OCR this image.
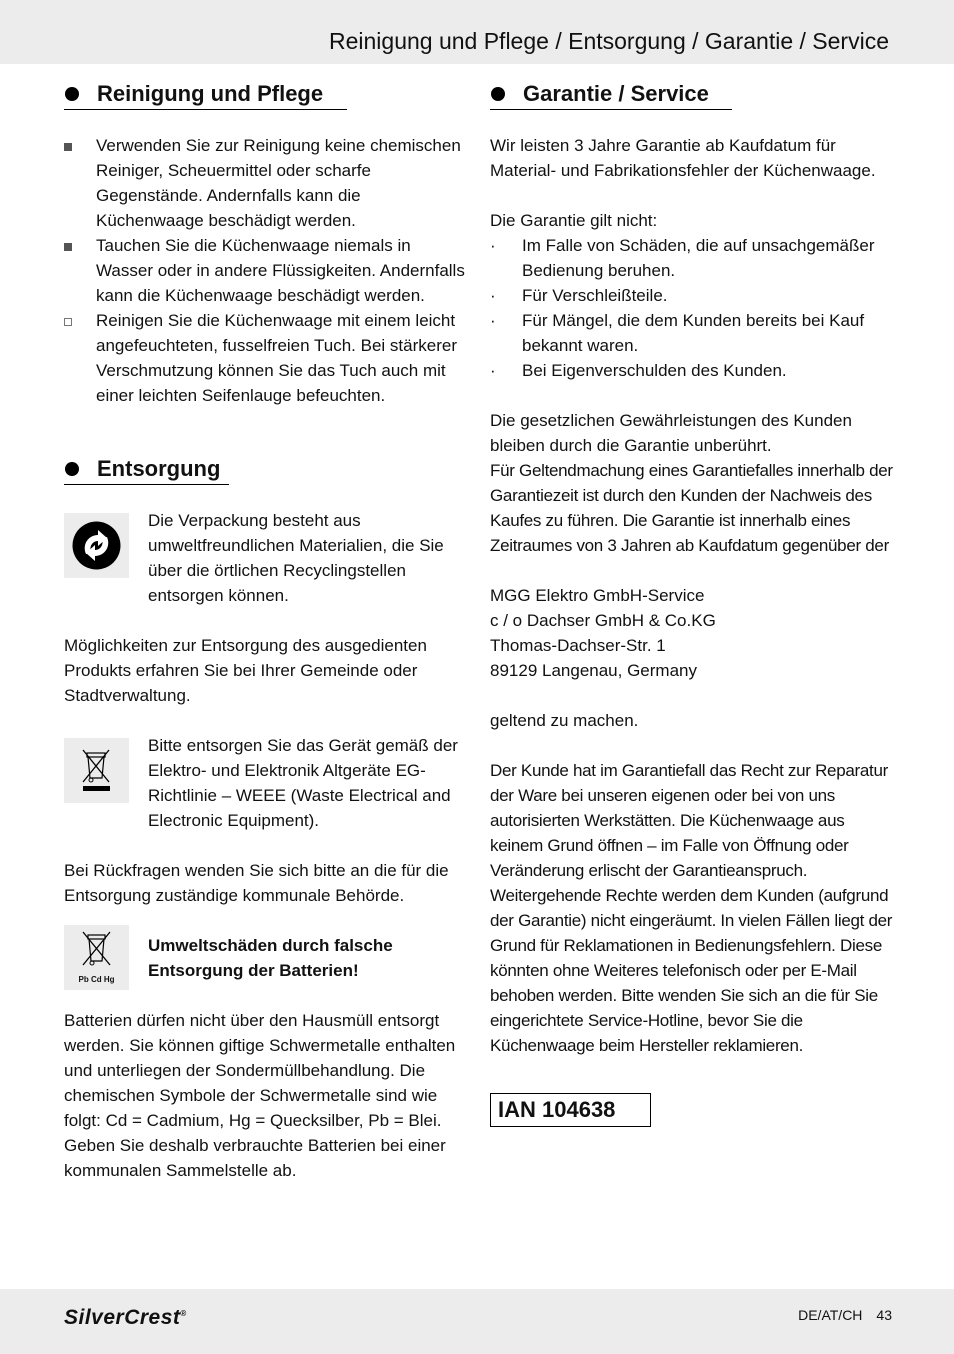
Reinigung und Pflege / Entsorgung / Garantie / Service
Reinigung und Pflege
Verwenden Sie zur Reinigung keine chemischen Reiniger, Scheuermittel oder scharfe Gegenstände. Andernfalls kann die Küchenwaage beschädigt werden.
Tauchen Sie die Küchenwaage niemals in Wasser oder in andere Flüssigkeiten. Andernfalls kann die Küchenwaage beschädigt werden.
Reinigen Sie die Küchenwaage mit einem leicht angefeuchteten, fusselfreien Tuch. Bei stärkerer Verschmutzung können Sie das Tuch auch mit einer leichten Seifenlauge befeuchten.
Entsorgung
Die Verpackung besteht aus umweltfreundlichen Materialien, die Sie über die örtlichen Recyclingstellen entsorgen können.
Möglichkeiten zur Entsorgung des ausgedienten Produkts erfahren Sie bei Ihrer Gemeinde oder Stadtverwaltung.
Bitte entsorgen Sie das Gerät gemäß der Elektro- und Elektronik Altgeräte EG-Richtlinie – WEEE (Waste Electrical and Electronic Equipment).
Bei Rückfragen wenden Sie sich bitte an die für die Entsorgung zuständige kommunale Behörde.
Pb Cd Hg
Umweltschäden durch falsche Entsorgung der Batterien!
Batterien dürfen nicht über den Hausmüll entsorgt werden. Sie können giftige Schwermetalle enthalten und unterliegen der Sondermüllbehandlung. Die chemischen Symbole der Schwermetalle sind wie folgt: Cd = Cadmium, Hg = Quecksilber, Pb = Blei. Geben Sie deshalb verbrauchte Batterien bei einer kommunalen Sammelstelle ab.
Garantie / Service

Wir leisten 3 Jahre Garantie ab Kaufdatum für Material- und Fabrikationsfehler der Küchenwaage.

Die Garantie gilt nicht:

· Im Falle von Schäden, die auf unsachgemäßer Bedienung beruhen.
· Für Verschleißteile.
· Für Mängel, die dem Kunden bereits bei Kauf bekannt waren.
· Bei Eigenverschulden des Kunden.

Die gesetzlichen Gewährleistungen des Kunden bleiben durch die Garantie unberührt.

Für Geltendmachung eines Garantiefalles innerhalb der Garantiezeit ist durch den Kunden der Nachweis des Kaufes zu führen. Die Garantie ist innerhalb eines Zeitraumes von 3 Jahren ab Kaufdatum gegenüber der

MGG Elektro GmbH-Service

c / o Dachser GmbH & Co.KG

Thomas-Dachser-Str. 1

89129 Langenau, Germany

geltend zu machen.

Der Kunde hat im Garantiefall das Recht zur Reparatur der Ware bei unseren eigenen oder bei von uns autorisierten Werkstätten. Die Küchenwaage aus keinem Grund öffnen – im Falle von Öffnung oder Veränderung erlischt der Garantieanspruch. Weitergehende Rechte werden dem Kunden (aufgrund der Garantie) nicht eingeräumt. In vielen Fällen liegt der Grund für Reklamationen in Bedienungsfehlern. Diese könnten ohne Weiteres telefonisch oder per E-Mail behoben werden. Bitte wenden Sie sich an die für Sie eingerichtete Service-Hotline, bevor Sie die Küchenwaage beim Hersteller reklamieren.

IAN 104638
SilverCrest®	DE/AT/CH 43
